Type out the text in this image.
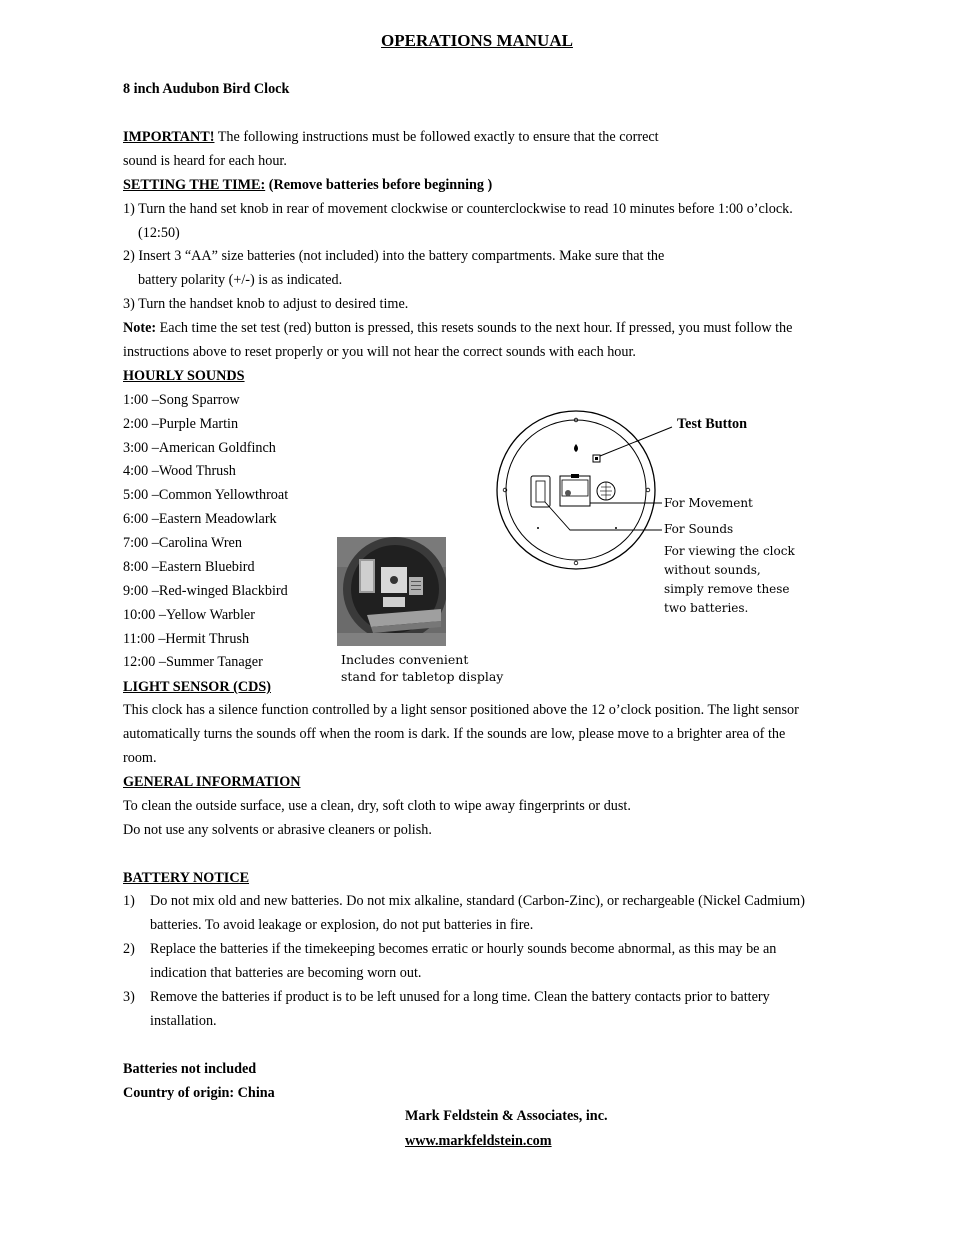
OPERATIONS MANUAL
8 inch Audubon Bird Clock
IMPORTANT! The following instructions must be followed exactly to ensure that the correct
sound is heard for each hour.
SETTING THE TIME: (Remove batteries before beginning )
1) Turn the hand set knob in rear of movement clockwise or counterclockwise to read 10 minutes before 1:00 o’clock.
(12:50)
2) Insert 3 “AA” size batteries (not included) into the battery compartments. Make sure that the
battery polarity (+/-) is as indicated.
3) Turn the handset knob to adjust to desired time.
Note: Each time the set test (red) button is pressed, this resets sounds to the next hour. If pressed, you must follow the
instructions above to reset properly or you will not hear the correct sounds with each hour.
HOURLY SOUNDS
1:00 –Song Sparrow
2:00 –Purple Martin
3:00 –American Goldfinch
4:00 –Wood Thrush
5:00 –Common Yellowthroat
6:00 –Eastern Meadowlark
7:00 –Carolina Wren
8:00 –Eastern Bluebird
9:00 –Red-winged Blackbird
10:00 –Yellow Warbler
11:00 –Hermit Thrush
12:00 –Summer Tanager	Includes convenient
stand for tabletop display
Test Button
For Movement
For Sounds
For viewing the clock
without sounds,
simply remove these
two batteries.
LIGHT SENSOR (CDS)
This clock has a silence function controlled by a light sensor positioned above the 12 o’clock position. The light sensor
automatically turns the sounds off when the room is dark. If the sounds are low, please move to a brighter area of the
room.
GENERAL INFORMATION
To clean the outside surface, use a clean, dry, soft cloth to wipe away fingerprints or dust.
Do not use any solvents or abrasive cleaners or polish.
BATTERY NOTICE
1) Do not mix old and new batteries. Do not mix alkaline, standard (Carbon-Zinc), or rechargeable (Nickel Cadmium)
batteries. To avoid leakage or explosion, do not put batteries in fire.
2) Replace the batteries if the timekeeping becomes erratic or hourly sounds become abnormal, as this may be an
indication that batteries are becoming worn out.
3) Remove the batteries if product is to be left unused for a long time. Clean the battery contacts prior to battery
installation.
Batteries not included
Country of origin: China
Mark Feldstein & Associates, inc.
www.markfeldstein.com
